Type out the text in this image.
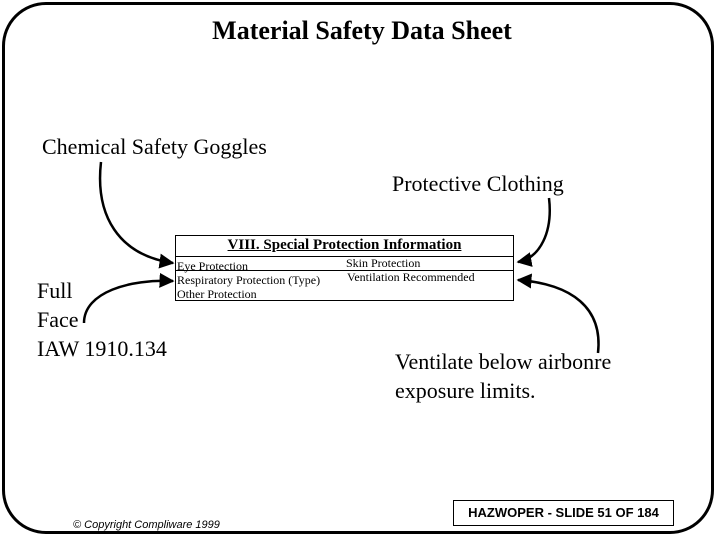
Material Safety Data Sheet
Chemical Safety Goggles
Protective Clothing
Full
Face
IAW 1910.134
Ventilate below airbonre
exposure limits.
VIII. Special Protection Information
Eye Protection	Skin Protection
Respiratory Protection (Type) Ventilation Recommended
Other Protection
© Copyright Compliware 1999
HAZWOPER - SLIDE 51 OF 184
